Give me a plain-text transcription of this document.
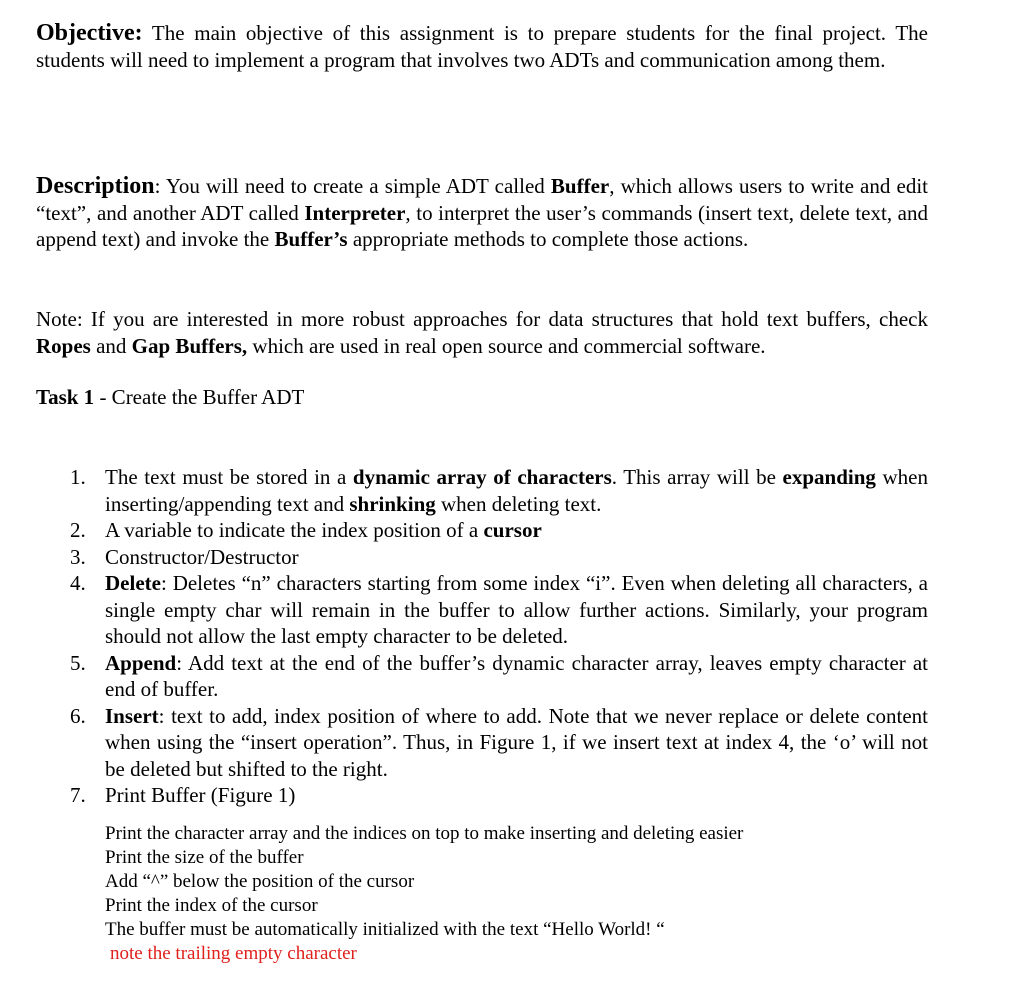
Objective: The main objective of this assignment is to prepare students for the final project. The students will need to implement a program that involves two ADTs and communication among them.

Description: You will need to create a simple ADT called Buffer, which allows users to write and edit “text”, and another ADT called Interpreter, to interpret the user’s commands (insert text, delete text, and append text) and invoke the Buffer’s appropriate methods to complete those actions.

Note: If you are interested in more robust approaches for data structures that hold text buffers, check Ropes and Gap Buffers, which are used in real open source and commercial software.

Task 1 - Create the Buffer ADT

1. The text must be stored in a dynamic array of characters. This array will be expanding when inserting/appending text and shrinking when deleting text.
2. A variable to indicate the index position of a cursor
3. Constructor/Destructor
4. Delete: Deletes “n” characters starting from some index “i”. Even when deleting all characters, a single empty char will remain in the buffer to allow further actions. Similarly, your program should not allow the last empty character to be deleted.
5. Append: Add text at the end of the buffer’s dynamic character array, leaves empty character at end of buffer.
6. Insert: text to add, index position of where to add. Note that we never replace or delete content when using the “insert operation”. Thus, in Figure 1, if we insert text at index 4, the ‘o’ will not be deleted but shifted to the right.
7. Print Buffer (Figure 1)
Print the character array and the indices on top to make inserting and deleting easier
Print the size of the buffer
Add “^” below the position of the cursor
Print the index of the cursor
The buffer must be automatically initialized with the text “Hello World! “
note the trailing empty character
